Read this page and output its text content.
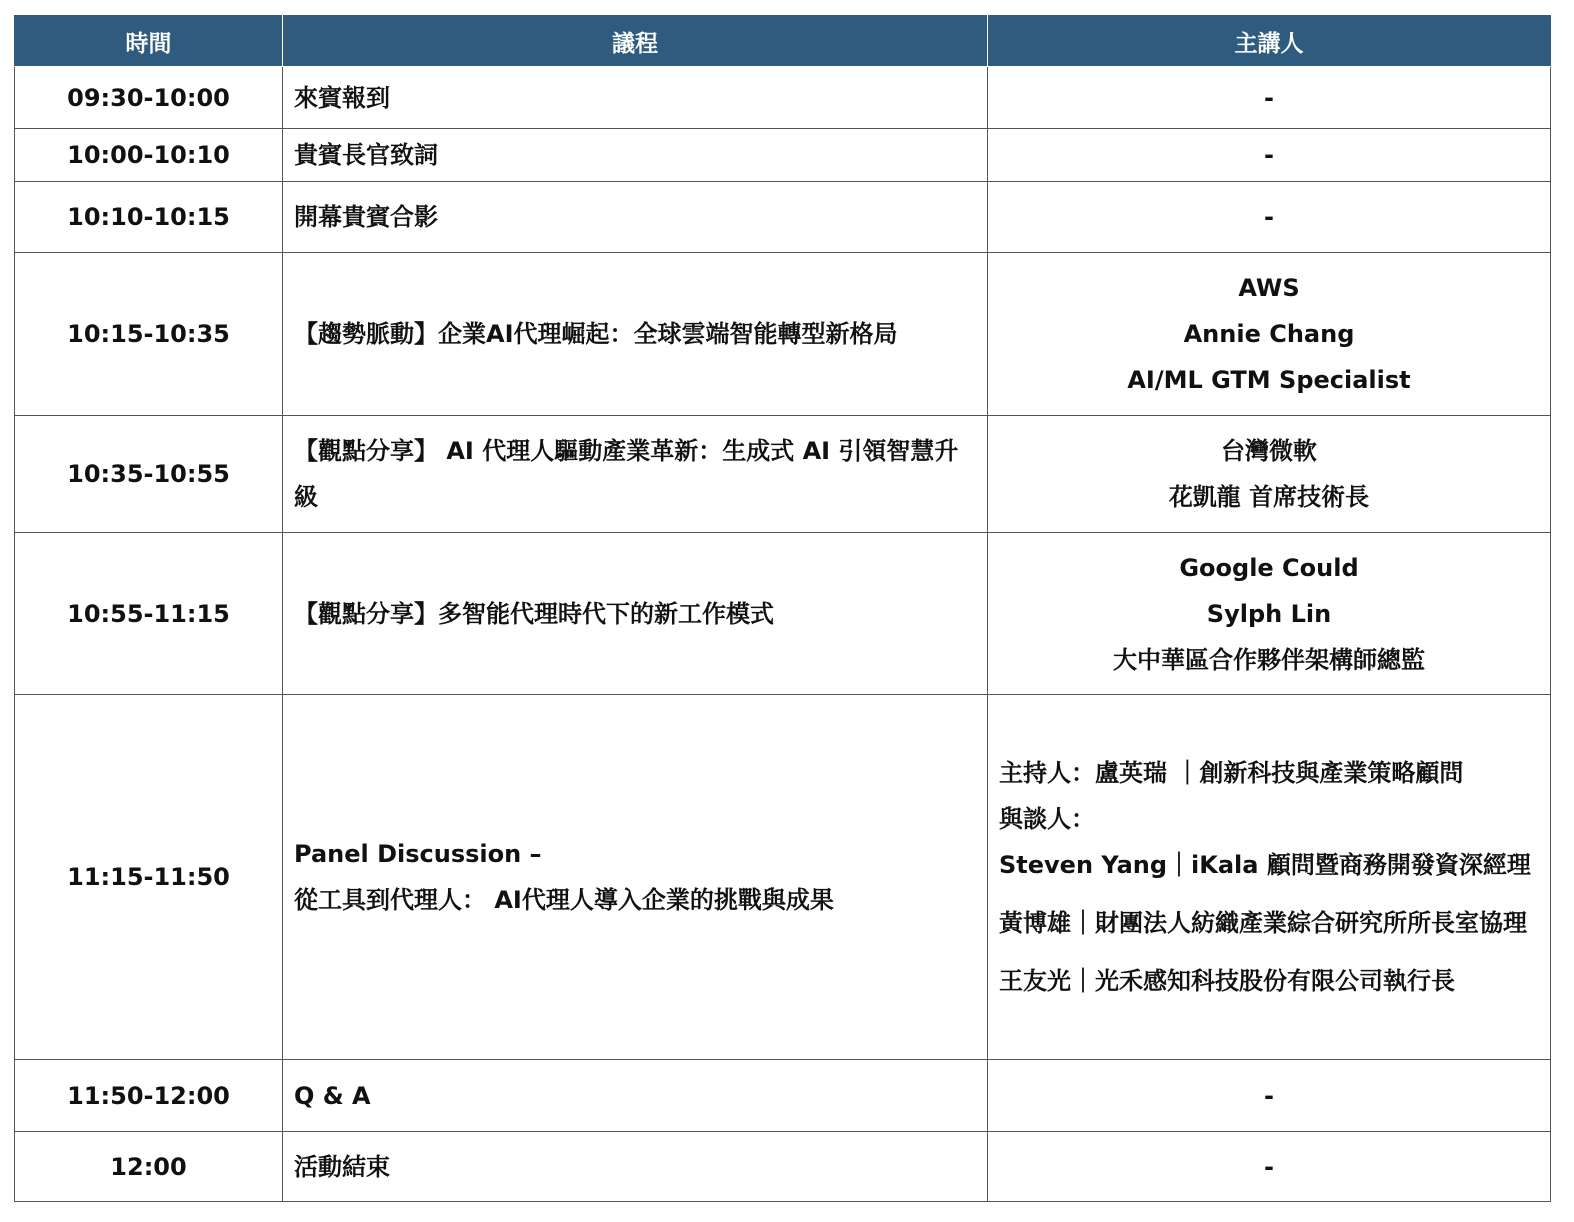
時間	議程	主講人
09:30-10:00	來賓報到	-
10:00-10:10	貴賓長官致詞	-
10:10-10:15	開幕貴賓合影	-
10:15-10:35	【趨勢脈動】企業AI代理崛起：全球雲端智能轉型新格局	AWS
Annie Chang
AI/ML GTM Specialist

10:35-10:55	【觀點分享】 AI 代理人驅動產業革新：生成式 AI 引領智慧升級	台灣微軟
花凱龍 首席技術長

10:55-11:15	【觀點分享】多智能代理時代下的新工作模式	Google Could
Sylph Lin
大中華區合作夥伴架構師總監

11:15-11:50	Panel Discussion –
從工具到代理人： AI代理人導入企業的挑戰與成果	主持人：盧英瑞 ｜創新科技與產業策略顧問
與談人：
Steven Yang｜iKala 顧問暨商務開發資深經理
黃博雄｜財團法人紡織產業綜合研究所所長室協理
王友光｜光禾感知科技股份有限公司執行長

11:50-12:00	Q & A	-
12:00	活動結束	-
